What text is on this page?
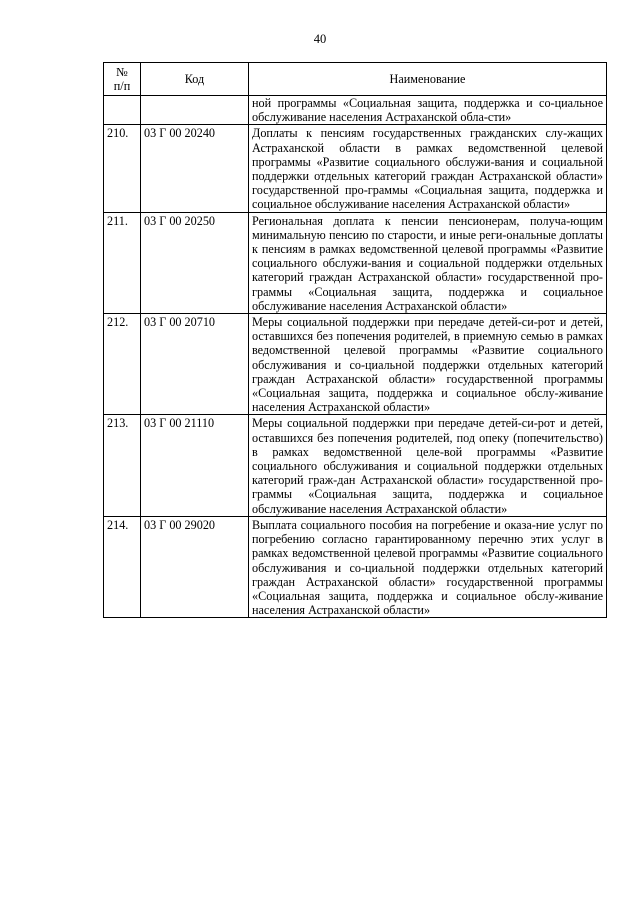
40
№
п/п	Код	Наименование
		ной программы «Социальная защита, поддержка и со-циальное обслуживание населения Астраханской обла-сти»
210.	03 Г 00 20240	Доплаты к пенсиям государственных гражданских слу-жащих Астраханской области в рамках ведомственной целевой программы «Развитие социального обслужи-вания и социальной поддержки отдельных категорий граждан Астраханской области» государственной про-граммы «Социальная защита, поддержка и социальное обслуживание населения Астраханской области»
211.	03 Г 00 20250	Региональная доплата к пенсии пенсионерам, получа-ющим минимальную пенсию по старости, и иные реги-ональные доплаты к пенсиям в рамках ведомственной целевой программы «Развитие социального обслужи-вания и социальной поддержки отдельных категорий граждан Астраханской области» государственной про-граммы «Социальная защита, поддержка и социальное обслуживание населения Астраханской области»
212.	03 Г 00 20710	Меры социальной поддержки при передаче детей-си-рот и детей, оставшихся без попечения родителей, в приемную семью в рамках ведомственной целевой программы «Развитие социального обслуживания и со-циальной поддержки отдельных категорий граждан Астраханской области» государственной программы «Социальная защита, поддержка и социальное обслу-живание населения Астраханской области»
213.	03 Г 00 21110	Меры социальной поддержки при передаче детей-си-рот и детей, оставшихся без попечения родителей, под опеку (попечительство) в рамках ведомственной целе-вой программы «Развитие социального обслуживания и социальной поддержки отдельных категорий граж-дан Астраханской области» государственной про-граммы «Социальная защита, поддержка и социальное обслуживание населения Астраханской области»
214.	03 Г 00 29020	Выплата социального пособия на погребение и оказа-ние услуг по погребению согласно гарантированному перечню этих услуг в рамках ведомственной целевой программы «Развитие социального обслуживания и со-циальной поддержки отдельных категорий граждан Астраханской области» государственной программы «Социальная защита, поддержка и социальное обслу-живание населения Астраханской области»
